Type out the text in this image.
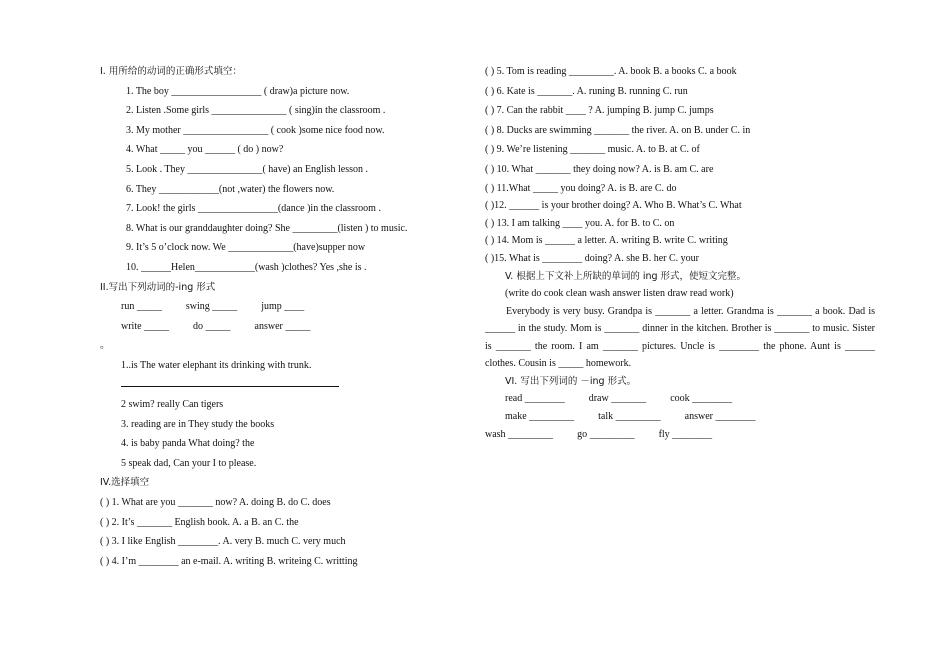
I. 用所给的动词的正确形式填空：
1. The boy __________________ ( draw)a picture now.
2. Listen .Some girls _______________ ( sing)in the classroom .
3. My mother _________________ ( cook )some nice food now.
4. What _____ you ______ ( do ) now?
5. Look . They _______________( have) an English lesson .
6. They ____________(not ,water) the flowers now.
7. Look! the girls ________________(dance )in the classroom .
8. What is our granddaughter doing? She _________(listen ) to music.
9. It’s 5 o’clock now. We _____________(have)supper now
10. ______Helen____________(wash )clothes? Yes ,she is .
II.写出下列动词的-ing 形式
run _____ swing _____ jump ____
write _____ do _____ answer _____
。
1..is The water elephant its drinking with trunk.
2 swim? really Can tigers
3. reading are in They study the books
4. is baby panda What doing? the
5 speak dad, Can your I to please.
IV.选择填空
( ) 1. What are you _______ now? A. doing B. do C. does
( ) 2. It’s _______ English book. A. a B. an C. the
( ) 3. I like English ________. A. very B. much C. very much
( ) 4. I’m ________ an e-mail. A. writing B. writeing C. writting
( ) 5. Tom is reading _________. A. book B. a books C. a book
( ) 6. Kate is _______. A. runing B. running C. run
( ) 7. Can the rabbit ____ ? A. jumping B. jump C. jumps
( ) 8. Ducks are swimming _______ the river. A. on B. under C. in
( ) 9. We’re listening _______ music. A. to B. at C. of
( ) 10. What _______ they doing now? A. is B. am C. are
( ) 11.What _____ you doing? A. is B. are C. do
( )12. ______ is your brother doing? A. Who B. What’s C. What
( ) 13. I am talking ____ you. A. for B. to C. on
( ) 14. Mom is ______ a letter. A. writing B. write C. writing
( )15. What is ________ doing? A. she B. her C. your
V. 根据上下文补上所缺的单词的 ing 形式，使短文完整。
(write do cook clean wash answer listen draw read work)
Everybody is very busy. Grandpa is _______ a letter. Grandma is _______ a book. Dad is ______ in the study. Mom is _______ dinner in the kitchen. Brother is _______ to music. Sister is _______ the room. I am _______ pictures. Uncle is ________ the phone. Aunt is ______ clothes. Cousin is _____ homework.
VI. 写出下列词的 －ing 形式。
read ________ draw _______ cook ________
make _________ talk _________ answer ________
wash _________ go _________ fly ________
